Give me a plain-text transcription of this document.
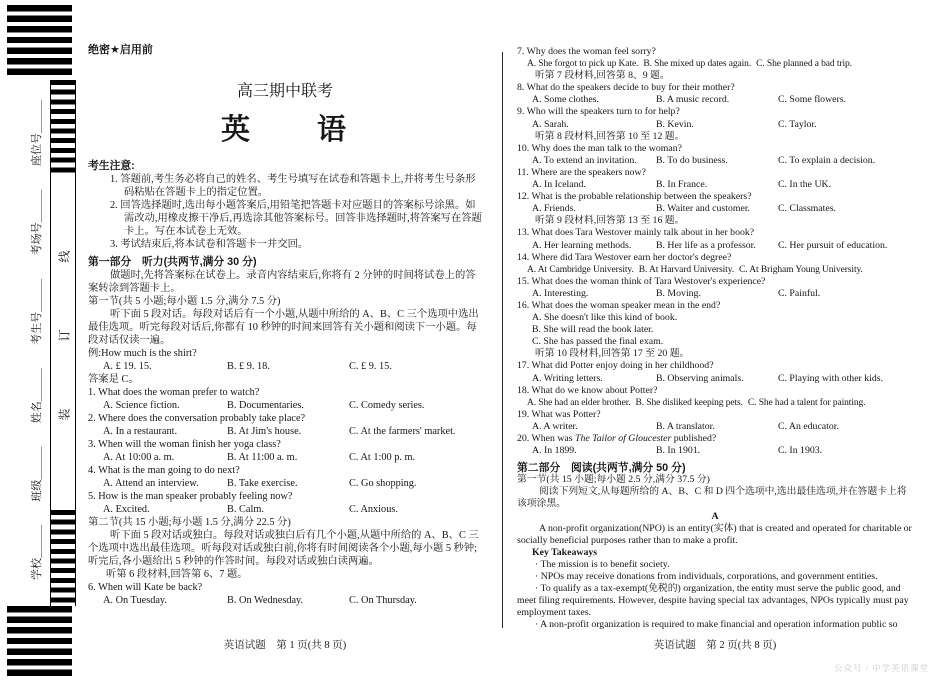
学校＿＿＿
班级＿＿＿
姓名＿＿＿
考生号＿＿＿
考场号＿＿＿
座位号＿＿＿
装
订
线
绝密★启用前
高三期中联考
英　　语
考生注意:
1. 答题前,考生务必将自己的姓名、考生号填写在试卷和答题卡上,并将考生号条形码粘贴在答题卡上的指定位置。
2. 回答选择题时,选出每小题答案后,用铅笔把答题卡对应题目的答案标号涂黑。如需改动,用橡皮擦干净后,再选涂其他答案标号。回答非选择题时,将答案写在答题卡上。写在本试卷上无效。
3. 考试结束后,将本试卷和答题卡一并交回。
第一部分　听力(共两节,满分 30 分)

做题时,先将答案标在试卷上。录音内容结束后,你将有 2 分钟的时间将试卷上的答案转涂到答题卡上。

第一节(共 5 小题;每小题 1.5 分,满分 7.5 分)

听下面 5 段对话。每段对话后有一个小题,从题中所给的 A、B、C 三个选项中选出最佳选项。听完每段对话后,你都有 10 秒钟的时间来回答有关小题和阅读下一小题。每段对话仅读一遍。

例:How much is the shirt?
A. £ 19. 15.	B. £ 9. 18.	C. £ 9. 15.
答案是 C。
1. What does the woman prefer to watch?
A. Science fiction.	B. Documentaries.	C. Comedy series.
2. Where does the conversation probably take place?
A. In a restaurant.	B. At Jim's house.	C. At the farmers' market.
3. When will the woman finish her yoga class?
A. At 10:00 a. m.	B. At 11:00 a. m.	C. At 1:00 p. m.
4. What is the man going to do next?
A. Attend an interview.	B. Take exercise.	C. Go shopping.
5. How is the man speaker probably feeling now?
A. Excited.	B. Calm.	C. Anxious.
第二节(共 15 小题;每小题 1.5 分,满分 22.5 分)

听下面 5 段对话或独白。每段对话或独白后有几个小题,从题中所给的 A、B、C 三个选项中选出最佳选项。听每段对话或独白前,你将有时间阅读各个小题,每小题 5 秒钟;听完后,各小题给出 5 秒钟的作答时间。每段对话或独白读两遍。

听第 6 段材料,回答第 6、7 题。
6. When will Kate be back?
A. On Tuesday.	B. On Wednesday.	C. On Thursday.
7. Why does the woman feel sorry?
A. She forgot to pick up Kate. B. She mixed up dates again. C. She planned a bad trip.
听第 7 段材料,回答第 8、9 题。
8. What do the speakers decide to buy for their mother?
A. Some clothes.	B. A music record.	C. Some flowers.
9. Who will the speakers turn to for help?
A. Sarah.	B. Kevin.	C. Taylor.
听第 8 段材料,回答第 10 至 12 题。
10. Why does the man talk to the woman?
A. To extend an invitation.	B. To do business.	C. To explain a decision.
11. Where are the speakers now?
A. In Iceland.	B. In France.	C. In the UK.
12. What is the probable relationship between the speakers?
A. Friends.	B. Waiter and customer.	C. Classmates.
听第 9 段材料,回答第 13 至 16 题。
13. What does Tara Westover mainly talk about in her book?
A. Her learning methods.	B. Her life as a professor.	C. Her pursuit of education.
14. Where did Tara Westover earn her doctor's degree?
A. At Cambridge University. B. At Harvard University. C. At Brigham Young University.
15. What does the woman think of Tara Westover's experience?
A. Interesting.	B. Moving.	C. Painful.
16. What does the woman speaker mean in the end?
A. She doesn't like this kind of book.
B. She will read the book later.
C. She has passed the final exam.
听第 10 段材料,回答第 17 至 20 题。
17. What did Potter enjoy doing in her childhood?
A. Writing letters.	B. Observing animals.	C. Playing with other kids.
18. What do we know about Potter?
A. She had an elder brother. B. She disliked keeping pets. C. She had a talent for painting.
19. What was Potter?
A. A writer.	B. A translator.	C. An educator.
20. When was The Tailor of Gloucester published?
A. In 1899.	B. In 1901.	C. In 1903.
第二部分　阅读(共两节,满分 50 分)
第一节(共 15 小题;每小题 2.5 分,满分 37.5 分)

阅读下列短文,从每题所给的 A、B、C 和 D 四个选项中,选出最佳选项,并在答题卡上将该项涂黑。

A

A non-profit organization(NPO) is an entity(实体) that is created and operated for charitable or socially beneficial purposes rather than to make a profit.

Key Takeaways

· The mission is to benefit society.

· NPOs may receive donations from individuals, corporations, and government entities.

· To qualify as a tax-exempt(免税的) organization, the entity must serve the public good, and meet filing requirements. However, despite having special tax advantages, NPOs typically must pay employment taxes.

· A non-profit organization is required to make financial and operation information public so

英语试题　第 1 页(共 8 页)	英语试题　第 2 页(共 8 页)
公众号 / 中学英语课堂
